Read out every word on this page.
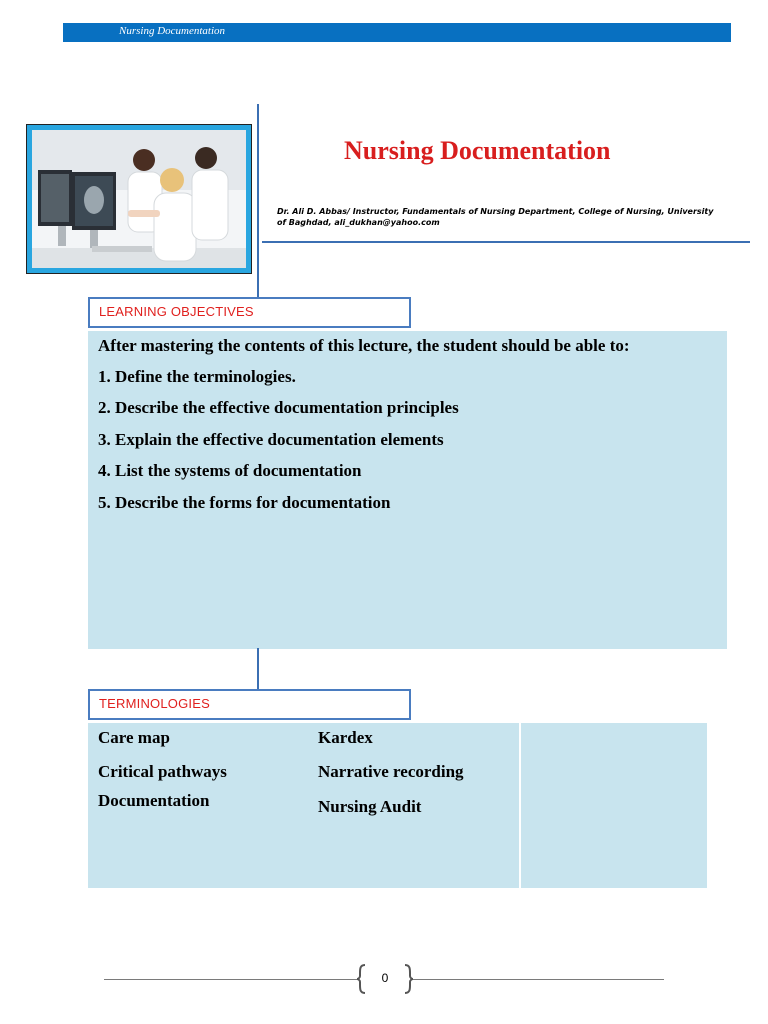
Nursing Documentation
Nursing Documentation
Dr. Ali D. Abbas/ Instructor, Fundamentals of Nursing Department, College of Nursing, University of Baghdad, ali_dukhan@yahoo.com
LEARNING OBJECTIVES
After mastering the contents of this lecture, the student should be able to:
1. Define the terminologies.
2. Describe the effective documentation principles
3. Explain the effective documentation elements
4. List the systems of documentation
5. Describe the forms for documentation
TERMINOLOGIES
Care map
Critical pathways
Documentation
Kardex
Narrative recording
Nursing Audit
0
